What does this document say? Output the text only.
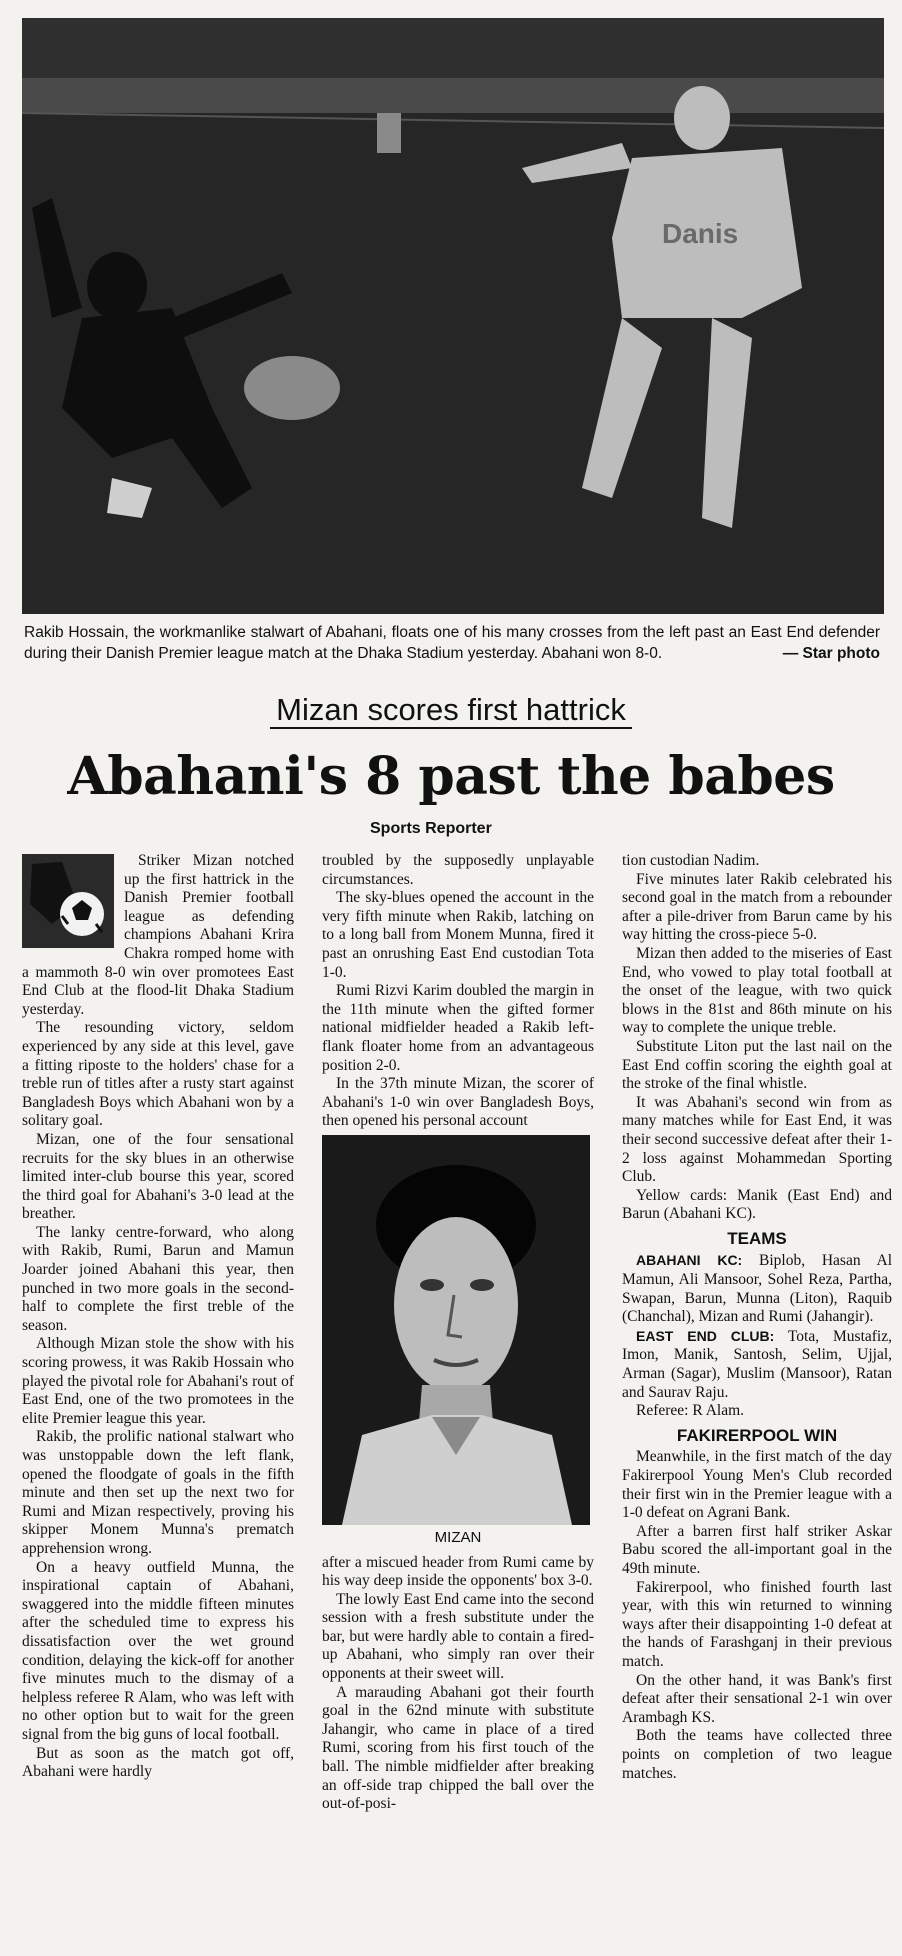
Danis
Rakib Hossain, the workmanlike stalwart of Abahani, floats one of his many crosses from the left past an East End defender during their Danish Premier league match at the Dhaka Stadium yesterday. Abahani won 8-0.	— Star photo
Mizan scores first hattrick
Abahani's 8 past the babes
Sports Reporter

Striker Mizan notched up the first hattrick in the Danish Premier football league as defending champions Abahani Krira Chakra romped home with a mammoth 8-0 win over promotees East End Club at the flood-lit Dhaka Stadium yesterday.

The resounding victory, seldom experienced by any side at this level, gave a fitting riposte to the holders' chase for a treble run of titles after a rusty start against Bangladesh Boys which Abahani won by a solitary goal.

Mizan, one of the four sensational recruits for the sky blues in an otherwise limited inter-club bourse this year, scored the third goal for Abahani's 3-0 lead at the breather.

The lanky centre-forward, who along with Rakib, Rumi, Barun and Mamun Joarder joined Abahani this year, then punched in two more goals in the second-half to complete the first treble of the season.

Although Mizan stole the show with his scoring prowess, it was Rakib Hossain who played the pivotal role for Abahani's rout of East End, one of the two promotees in the elite Premier league this year.

Rakib, the prolific national stalwart who was unstoppable down the left flank, opened the floodgate of goals in the fifth minute and then set up the next two for Rumi and Mizan respectively, proving his skipper Monem Munna's prematch apprehension wrong.

On a heavy outfield Munna, the inspirational captain of Abahani, swaggered into the middle fifteen minutes after the scheduled time to express his dissatisfaction over the wet ground condition, delaying the kick-off for another five minutes much to the dismay of a helpless referee R Alam, who was left with no other option but to wait for the green signal from the big guns of local football.

But as soon as the match got off, Abahani were hardly

troubled by the supposedly unplayable circumstances.

The sky-blues opened the account in the very fifth minute when Rakib, latching on to a long ball from Monem Munna, fired it past an onrushing East End custodian Tota 1-0.

Rumi Rizvi Karim doubled the margin in the 11th minute when the gifted former national midfielder headed a Rakib left-flank floater home from an advantageous position 2-0.

In the 37th minute Mizan, the scorer of Abahani's 1-0 win over Bangladesh Boys, then opened his personal account

MIZAN

after a miscued header from Rumi came by his way deep inside the opponents' box 3-0.

The lowly East End came into the second session with a fresh substitute under the bar, but were hardly able to contain a fired-up Abahani, who simply ran over their opponents at their sweet will.

A marauding Abahani got their fourth goal in the 62nd minute with substitute Jahangir, who came in place of a tired Rumi, scoring from his first touch of the ball. The nimble midfielder after breaking an off-side trap chipped the ball over the out-of-posi-

tion custodian Nadim.

Five minutes later Rakib celebrated his second goal in the match from a rebounder after a pile-driver from Barun came by his way hitting the cross-piece 5-0.

Mizan then added to the miseries of East End, who vowed to play total football at the onset of the league, with two quick blows in the 81st and 86th minute on his way to complete the unique treble.

Substitute Liton put the last nail on the East End coffin scoring the eighth goal at the stroke of the final whistle.

It was Abahani's second win from as many matches while for East End, it was their second successive defeat after their 1-2 loss against Mohammedan Sporting Club.

Yellow cards: Manik (East End) and Barun (Abahani KC).

TEAMS

ABAHANI KC: Biplob, Hasan Al Mamun, Ali Mansoor, Sohel Reza, Partha, Swapan, Barun, Munna (Liton), Raquib (Chanchal), Mizan and Rumi (Jahangir).

EAST END CLUB: Tota, Mustafiz, Imon, Manik, Santosh, Selim, Ujjal, Arman (Sagar), Muslim (Mansoor), Ratan and Saurav Raju.

Referee: R Alam.

FAKIRERPOOL WIN

Meanwhile, in the first match of the day Fakirerpool Young Men's Club recorded their first win in the Premier league with a 1-0 defeat on Agrani Bank.

After a barren first half striker Askar Babu scored the all-important goal in the 49th minute.

Fakirerpool, who finished fourth last year, with this win returned to winning ways after their disappointing 1-0 defeat at the hands of Farashganj in their previous match.

On the other hand, it was Bank's first defeat after their sensational 2-1 win over Arambagh KS.

Both the teams have collected three points on completion of two league matches.
